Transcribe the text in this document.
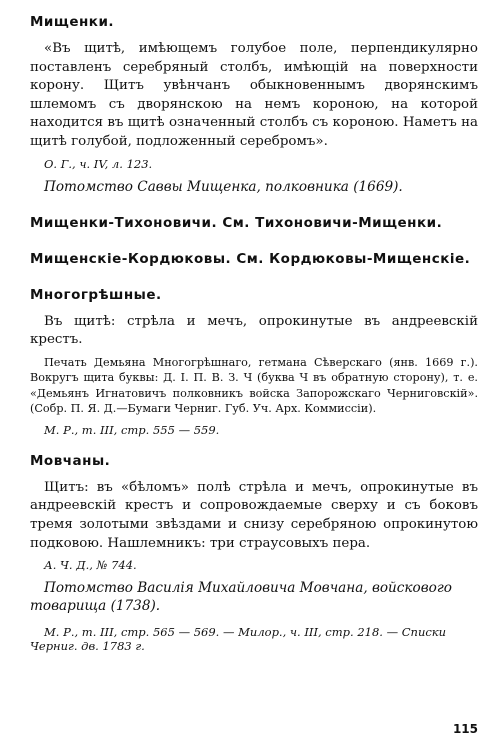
Мищенки.

«Въ щитѣ, имѣющемъ голубое поле, перпендикулярно поставленъ серебряный столбъ, имѣющій на поверхности корону. Щитъ увѣнчанъ обыкновеннымъ дворянскимъ шлемомъ съ дворянскою на немъ короною, на которой находится въ щитѣ означенный столбъ съ короною. Наметъ на щитѣ голубой, подложенный серебромъ».

О. Г., ч. IV, л. 123.

Потомство Саввы Мищенка, полковника (1669).

Мищенки-Тихоновичи. См. Тихоновичи-Мищенки.
Мищенскіе-Кордюковы. См. Кордюковы-Мищенскіе.
Многогрѣшные.

Въ щитѣ: стрѣла и мечъ, опрокинутые въ андреевскій крестъ.

Печать Демьяна Многогрѣшнаго, гетмана Сѣверскаго (янв. 1669 г.). Вокругъ щита буквы: Д. І. П. В. З. Ч (буква Ч въ обратную сторону), т. е. «Демьянъ Игнатовичъ полковникъ войска Запорожскаго Черниговскій». (Собр. П. Я. Д.—Бумаги Черниг. Губ. Уч. Арх. Коммиссіи).

М. Р., т. III, стр. 555 — 559.

Мовчаны.

Щитъ: въ «бѣломъ» полѣ стрѣла и мечъ, опрокинутые въ андреевскій крестъ и сопровождаемые сверху и съ боковъ тремя золотыми звѣздами и снизу серебряною опрокинутою подковою. Нашлемникъ: три страусовыхъ пера.

А. Ч. Д., № 744.

Потомство Василія Михайловича Мовчана, войскового товарища (1738).

М. Р., т. III, стр. 565 — 569. — Милор., ч. III, стр. 218. — Списки Черниг. дв. 1783 г.

115
